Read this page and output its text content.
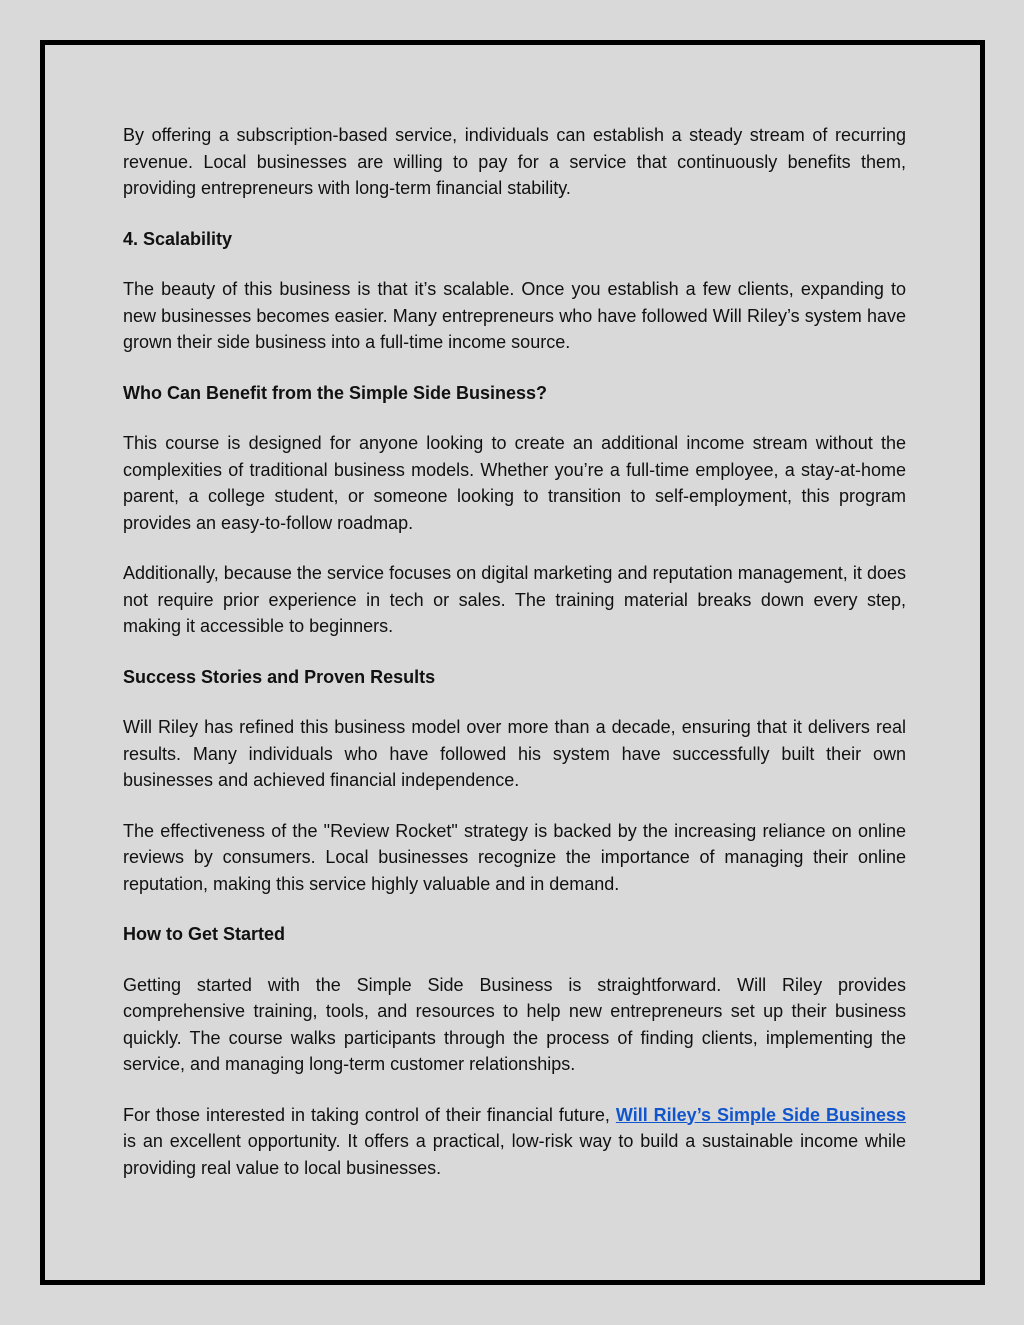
By offering a subscription-based service, individuals can establish a steady stream of recurring revenue. Local businesses are willing to pay for a service that continuously benefits them, providing entrepreneurs with long-term financial stability.

4. Scalability

The beauty of this business is that it’s scalable. Once you establish a few clients, expanding to new businesses becomes easier. Many entrepreneurs who have followed Will Riley’s system have grown their side business into a full-time income source.

Who Can Benefit from the Simple Side Business?

This course is designed for anyone looking to create an additional income stream without the complexities of traditional business models. Whether you’re a full-time employee, a stay-at-home parent, a college student, or someone looking to transition to self-employment, this program provides an easy-to-follow roadmap.

Additionally, because the service focuses on digital marketing and reputation management, it does not require prior experience in tech or sales. The training material breaks down every step, making it accessible to beginners.

Success Stories and Proven Results

Will Riley has refined this business model over more than a decade, ensuring that it delivers real results. Many individuals who have followed his system have successfully built their own businesses and achieved financial independence.

The effectiveness of the "Review Rocket" strategy is backed by the increasing reliance on online reviews by consumers. Local businesses recognize the importance of managing their online reputation, making this service highly valuable and in demand.

How to Get Started

Getting started with the Simple Side Business is straightforward. Will Riley provides comprehensive training, tools, and resources to help new entrepreneurs set up their business quickly. The course walks participants through the process of finding clients, implementing the service, and managing long-term customer relationships.

For those interested in taking control of their financial future, Will Riley’s Simple Side Business is an excellent opportunity. It offers a practical, low-risk way to build a sustainable income while providing real value to local businesses.
